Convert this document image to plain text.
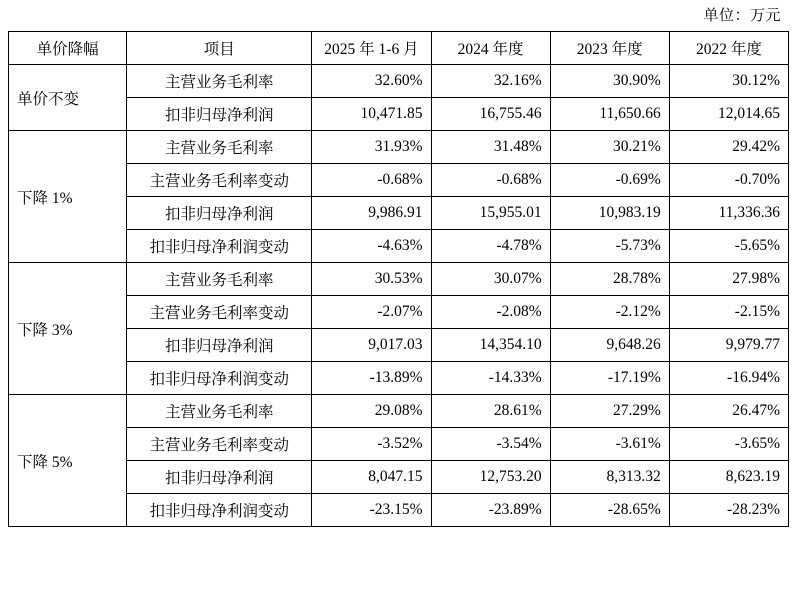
单位：万元
单价降幅	项目	2025 年 1-6 月	2024 年度	2023 年度	2022 年度
单价不变	主营业务毛利率	32.60%	32.16%	30.90%	30.12%
	扣非归母净利润	10,471.85	16,755.46	11,650.66	12,014.65
下降 1%	主营业务毛利率	31.93%	31.48%	30.21%	29.42%
	主营业务毛利率变动	-0.68%	-0.68%	-0.69%	-0.70%
	扣非归母净利润	9,986.91	15,955.01	10,983.19	11,336.36
	扣非归母净利润变动	-4.63%	-4.78%	-5.73%	-5.65%
下降 3%	主营业务毛利率	30.53%	30.07%	28.78%	27.98%
	主营业务毛利率变动	-2.07%	-2.08%	-2.12%	-2.15%
	扣非归母净利润	9,017.03	14,354.10	9,648.26	9,979.77
	扣非归母净利润变动	-13.89%	-14.33%	-17.19%	-16.94%
下降 5%	主营业务毛利率	29.08%	28.61%	27.29%	26.47%
	主营业务毛利率变动	-3.52%	-3.54%	-3.61%	-3.65%
	扣非归母净利润	8,047.15	12,753.20	8,313.32	8,623.19
	扣非归母净利润变动	-23.15%	-23.89%	-28.65%	-28.23%
